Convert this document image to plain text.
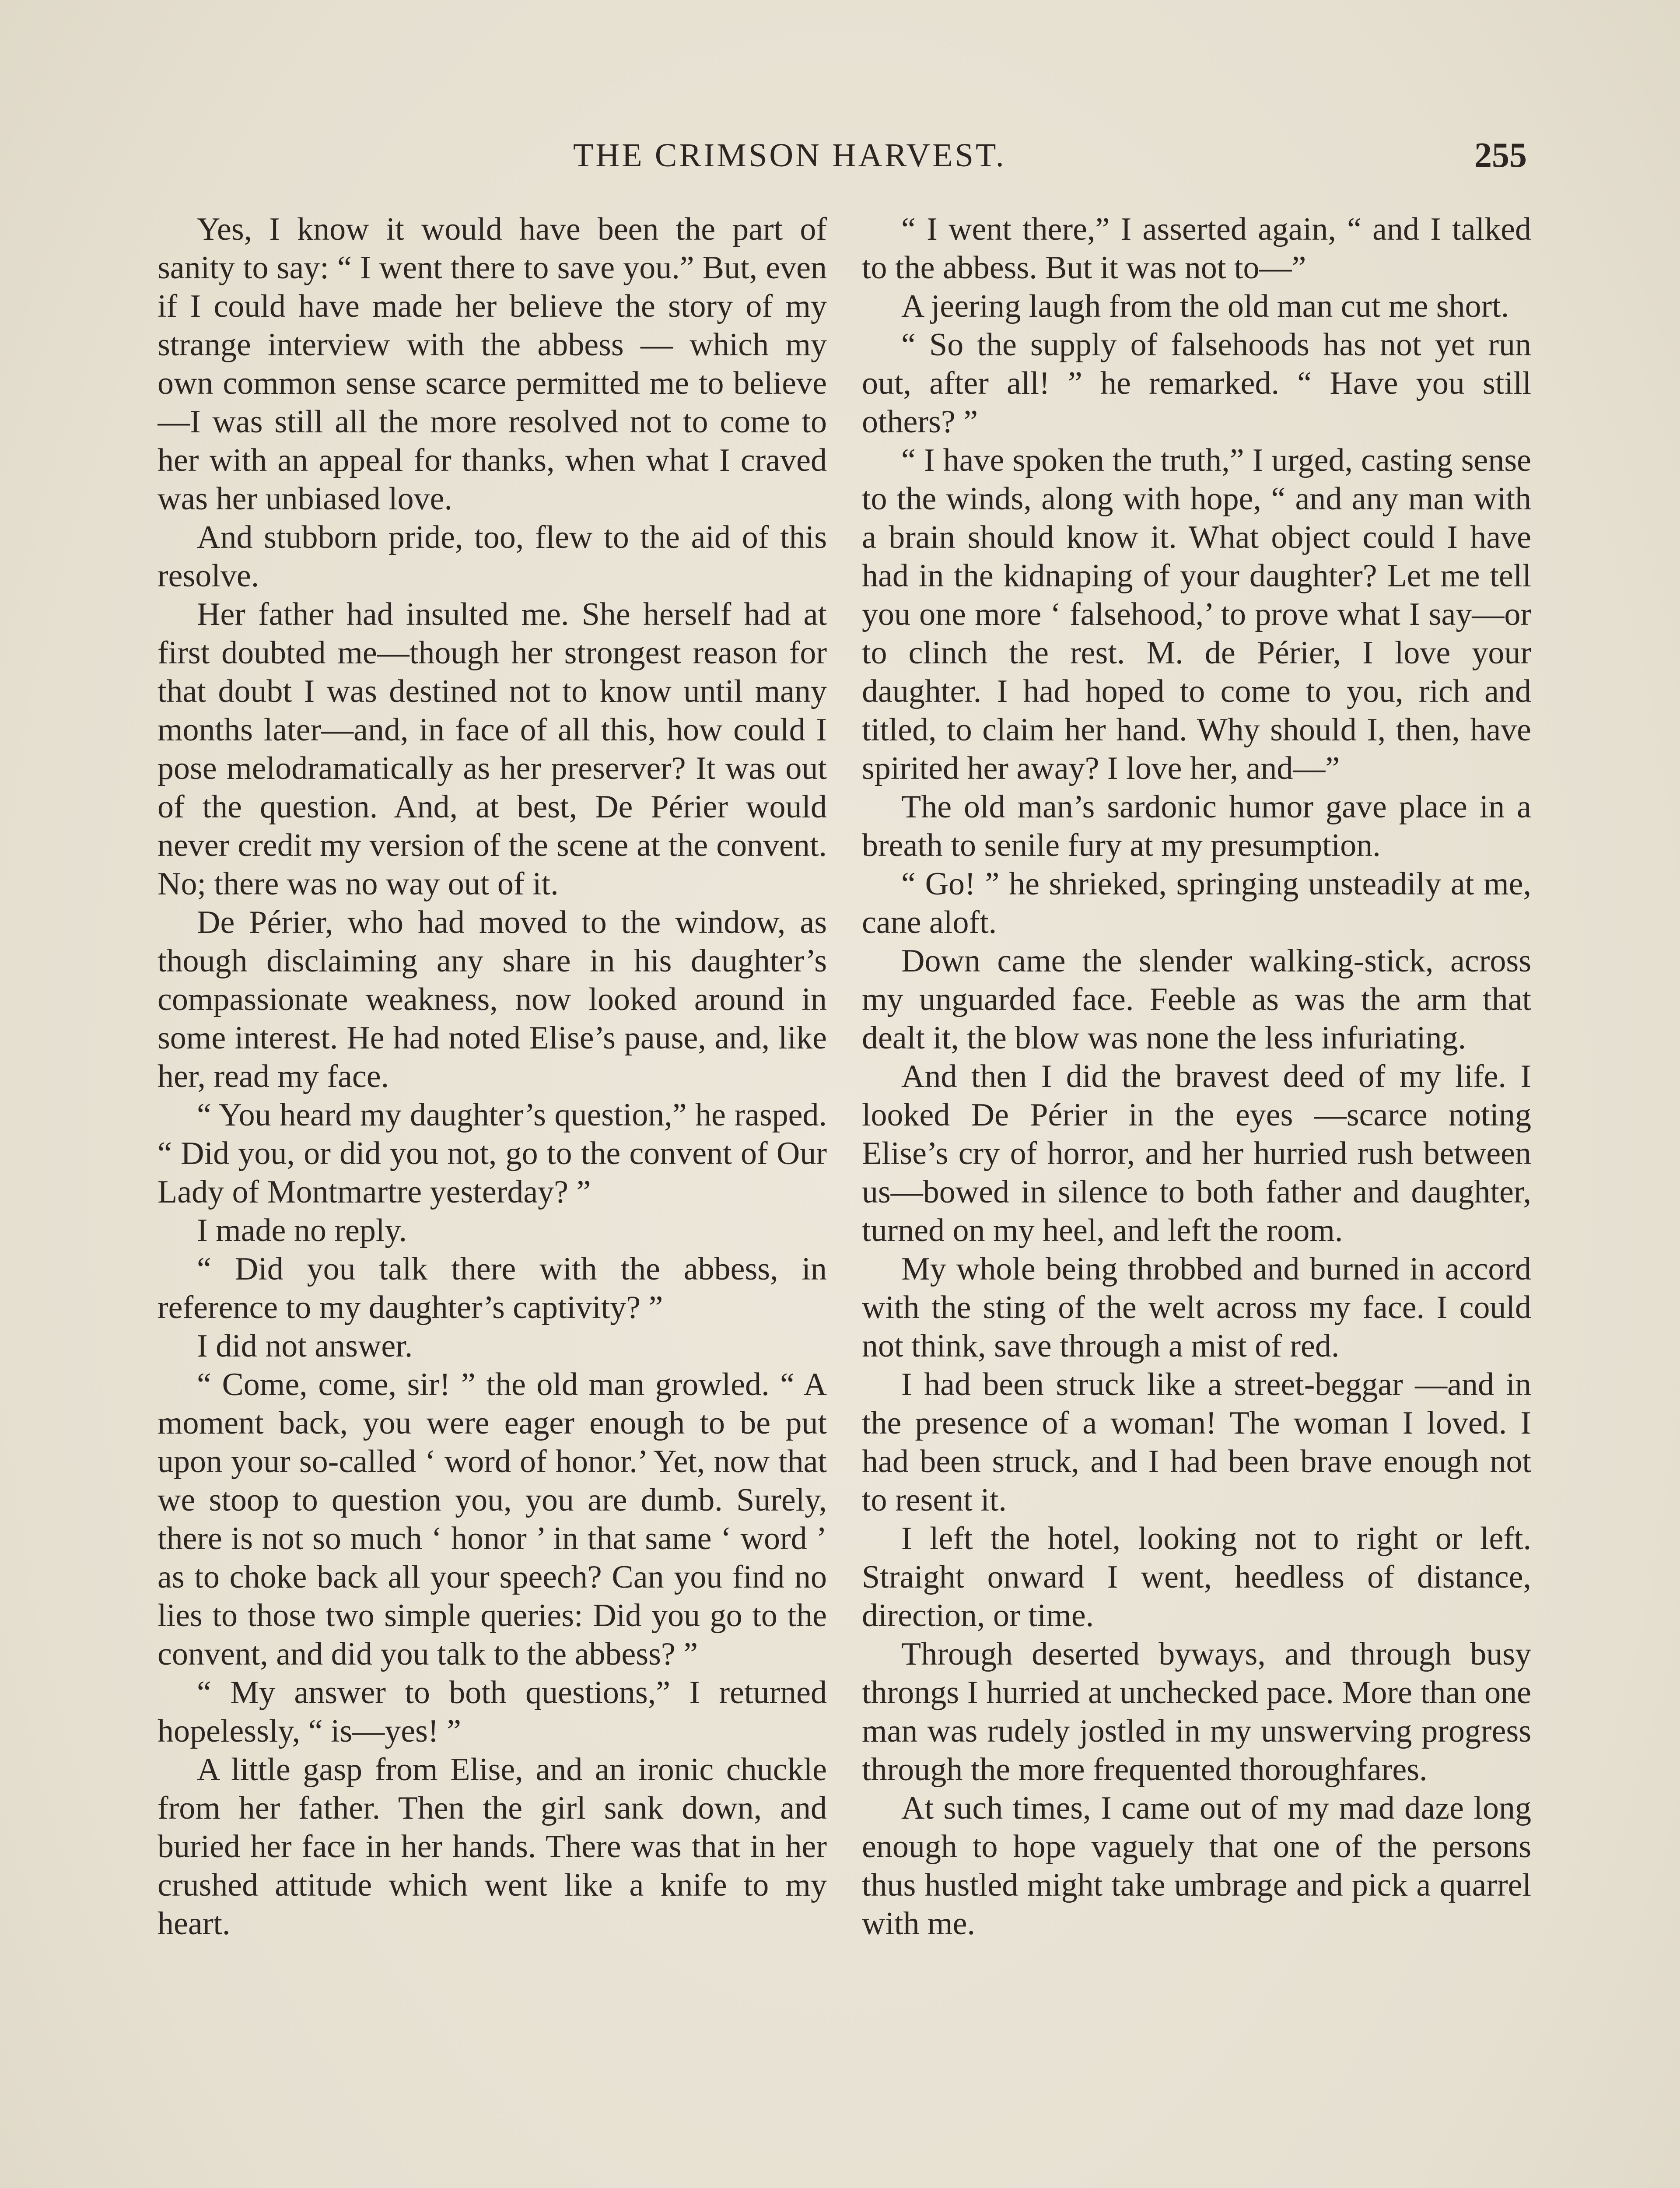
THE CRIMSON HARVEST.	255

Yes, I know it would have been the part of sanity to say: “ I went there to save you.” But, even if I could have made her believe the story of my strange interview with the abbess — which my own common sense scarce permitted me to believe—I was still all the more resolved not to come to her with an appeal for thanks, when what I craved was her unbiased love.

And stubborn pride, too, flew to the aid of this resolve.

Her father had insulted me. She herself had at first doubted me—though her strongest reason for that doubt I was destined not to know until many months later—and, in face of all this, how could I pose melodramatically as her preserver? It was out of the question. And, at best, De Périer would never credit my version of the scene at the convent. No; there was no way out of it.

De Périer, who had moved to the window, as though disclaiming any share in his daughter’s compassionate weakness, now looked around in some interest. He had noted Elise’s pause, and, like her, read my face.

“ You heard my daughter’s question,” he rasped. “ Did you, or did you not, go to the convent of Our Lady of Montmartre yesterday? ”

I made no reply.

“ Did you talk there with the abbess, in reference to my daughter’s captivity? ”

I did not answer.

“ Come, come, sir! ” the old man growled. “ A moment back, you were eager enough to be put upon your so-called ‘ word of honor.’ Yet, now that we stoop to question you, you are dumb. Surely, there is not so much ‘ honor ’ in that same ‘ word ’ as to choke back all your speech? Can you find no lies to those two simple queries: Did you go to the convent, and did you talk to the abbess? ”

“ My answer to both questions,” I returned hopelessly, “ is—yes! ”

A little gasp from Elise, and an ironic chuckle from her father. Then the girl sank down, and buried her face in her hands. There was that in her crushed attitude which went like a knife to my heart.

“ I went there,” I asserted again, “ and I talked to the abbess. But it was not to—”

A jeering laugh from the old man cut me short.

“ So the supply of falsehoods has not yet run out, after all! ” he remarked. “ Have you still others? ”

“ I have spoken the truth,” I urged, casting sense to the winds, along with hope, “ and any man with a brain should know it. What object could I have had in the kidnaping of your daughter? Let me tell you one more ‘ falsehood,’ to prove what I say—or to clinch the rest. M. de Périer, I love your daughter. I had hoped to come to you, rich and titled, to claim her hand. Why should I, then, have spirited her away? I love her, and—”

The old man’s sardonic humor gave place in a breath to senile fury at my presumption.

“ Go! ” he shrieked, springing unsteadily at me, cane aloft.

Down came the slender walking-stick, across my unguarded face. Feeble as was the arm that dealt it, the blow was none the less infuriating.

And then I did the bravest deed of my life. I looked De Périer in the eyes —scarce noting Elise’s cry of horror, and her hurried rush between us—bowed in silence to both father and daughter, turned on my heel, and left the room.

My whole being throbbed and burned in accord with the sting of the welt across my face. I could not think, save through a mist of red.

I had been struck like a street-beggar —and in the presence of a woman! The woman I loved. I had been struck, and I had been brave enough not to resent it.

I left the hotel, looking not to right or left. Straight onward I went, heedless of distance, direction, or time.

Through deserted byways, and through busy throngs I hurried at unchecked pace. More than one man was rudely jostled in my unswerving progress through the more frequented thoroughfares.

At such times, I came out of my mad daze long enough to hope vaguely that one of the persons thus hustled might take umbrage and pick a quarrel with me.
